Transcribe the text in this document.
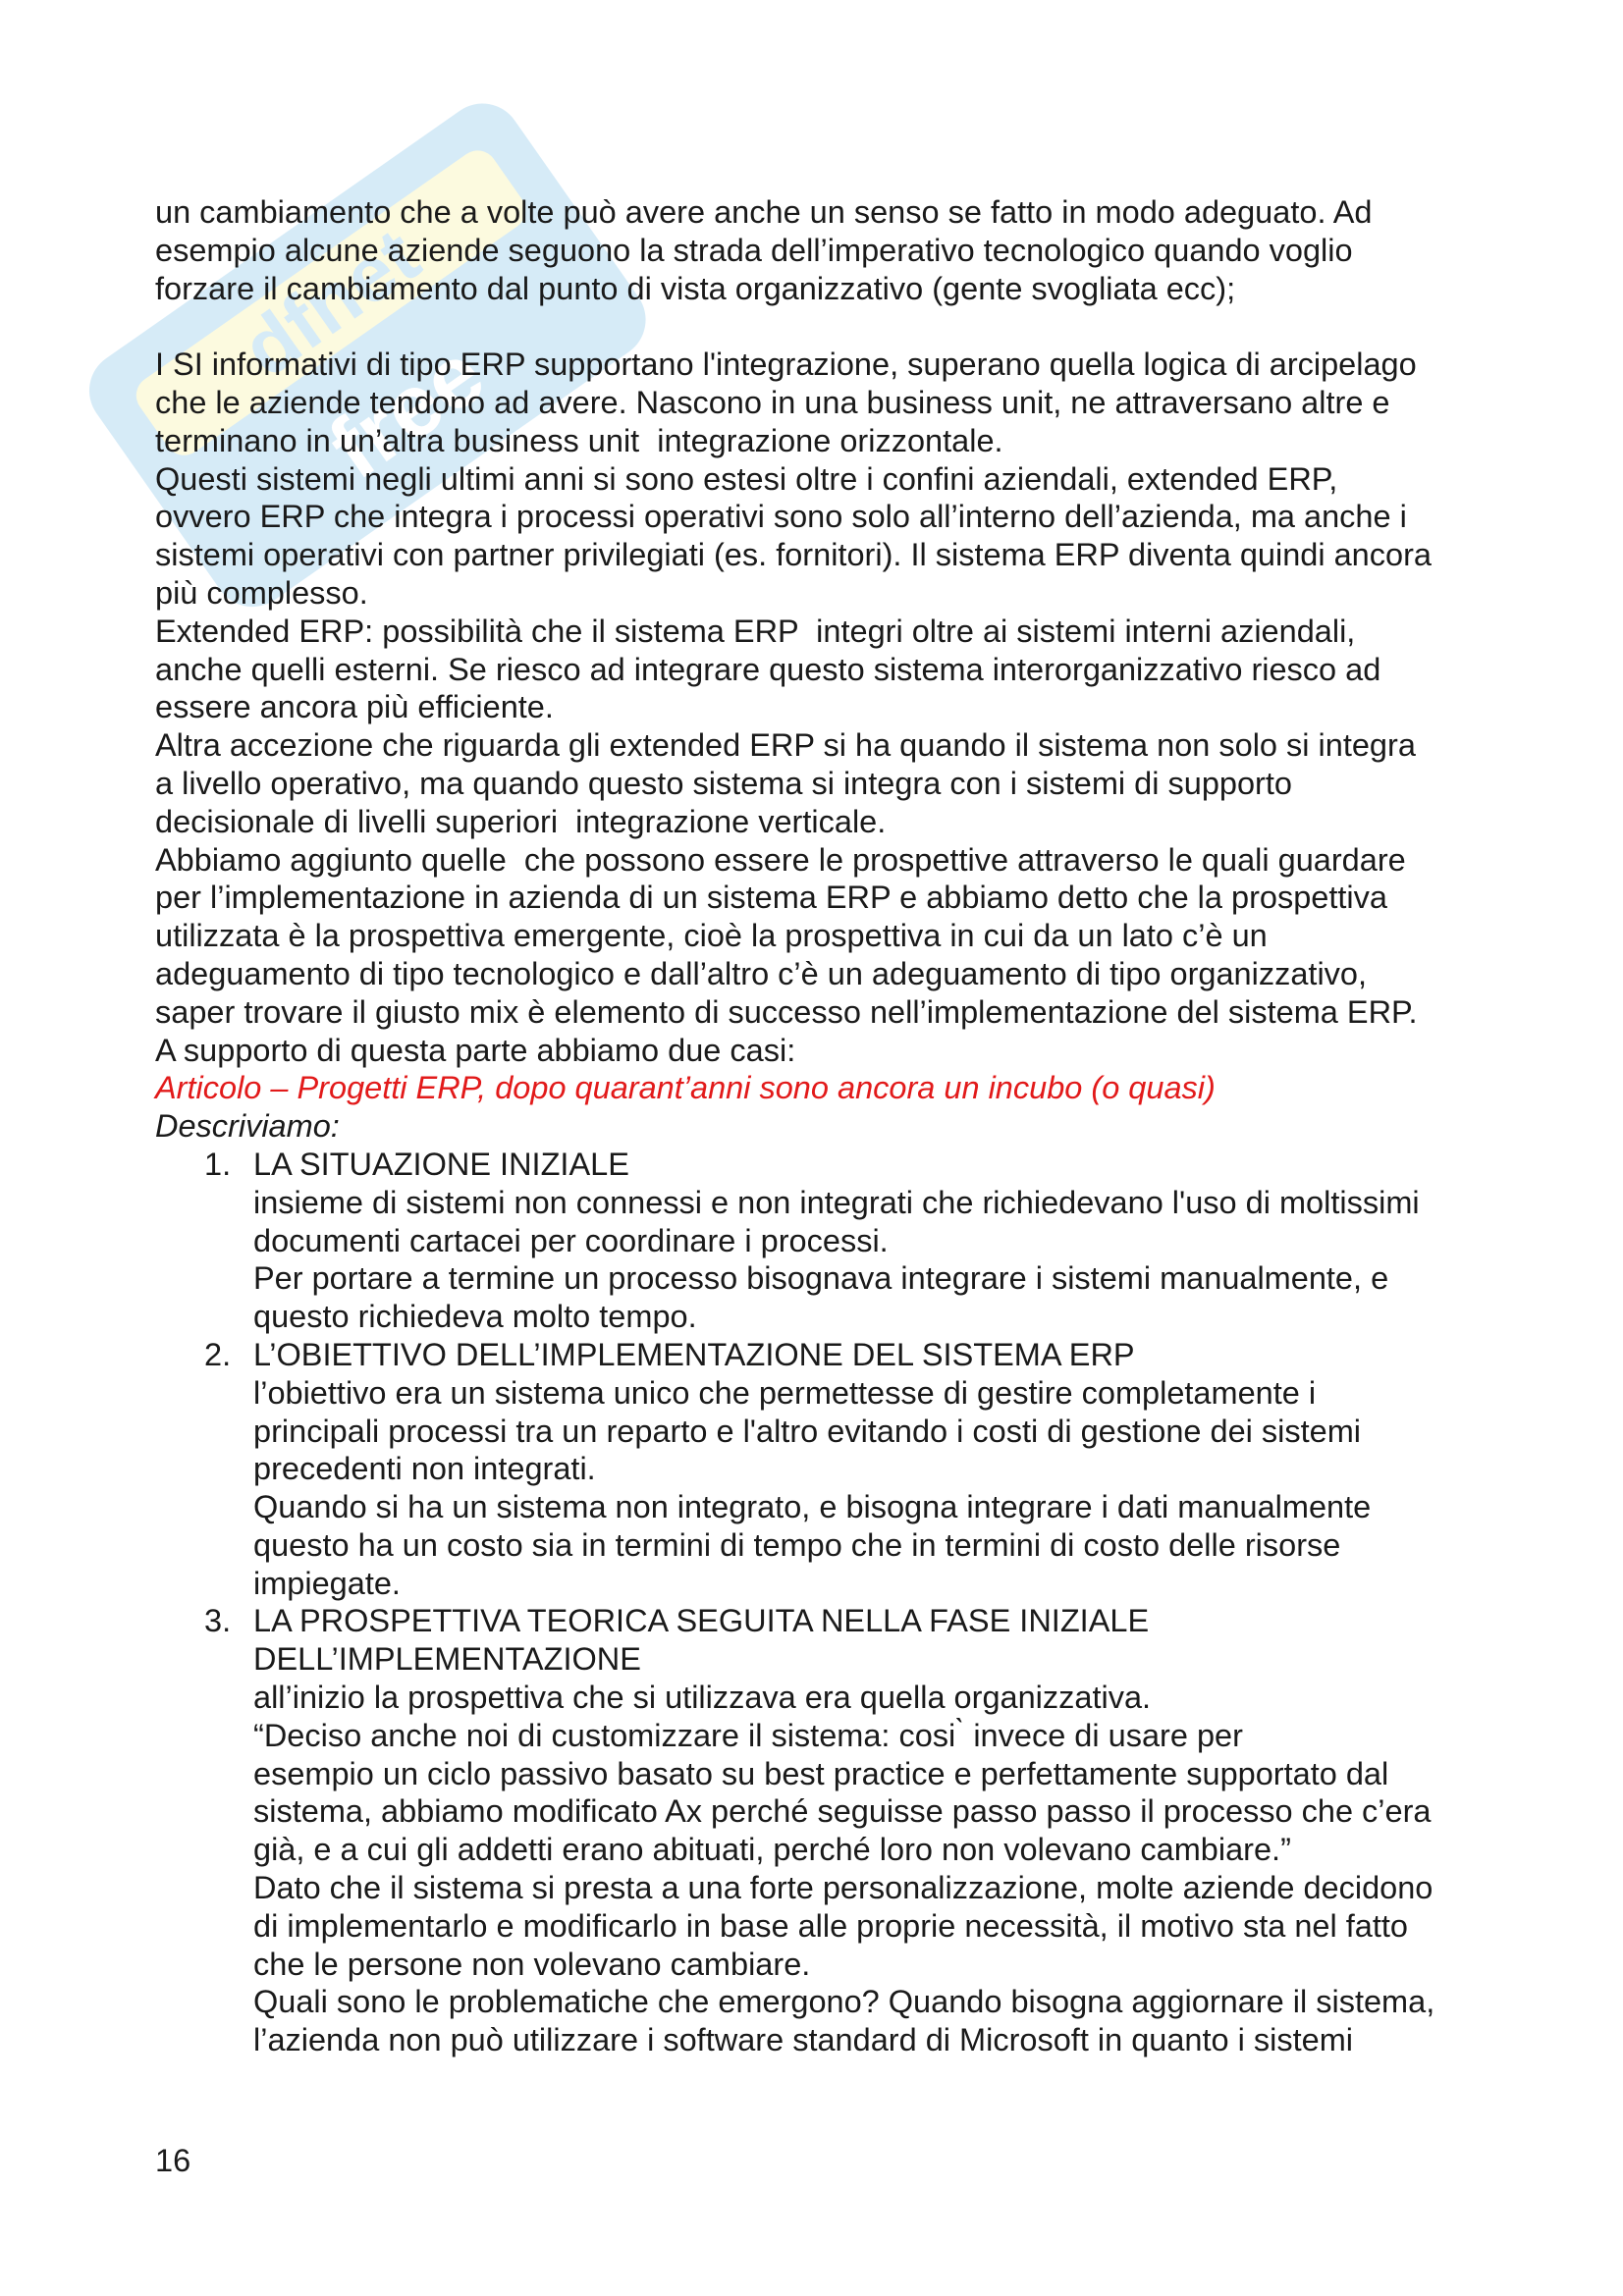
dfnet
free

un cambiamento che a volte può avere anche un senso se fatto in modo adeguato. Ad
esempio alcune aziende seguono la strada dell’imperativo tecnologico quando voglio
forzare il cambiamento dal punto di vista organizzativo (gente svogliata ecc);

I SI informativi di tipo ERP supportano l'integrazione, superano quella logica di arcipelago
che le aziende tendono ad avere. Nascono in una business unit, ne attraversano altre e
terminano in un’altra business unit  integrazione orizzontale.

Questi sistemi negli ultimi anni si sono estesi oltre i confini aziendali, extended ERP,
ovvero ERP che integra i processi operativi sono solo all’interno dell’azienda, ma anche i
sistemi operativi con partner privilegiati (es. fornitori). Il sistema ERP diventa quindi ancora
più complesso.

Extended ERP: possibilità che il sistema ERP  integri oltre ai sistemi interni aziendali,
anche quelli esterni. Se riesco ad integrare questo sistema interorganizzativo riesco ad
essere ancora più efficiente.

Altra accezione che riguarda gli extended ERP si ha quando il sistema non solo si integra
a livello operativo, ma quando questo sistema si integra con i sistemi di supporto
decisionale di livelli superiori  integrazione verticale.

Abbiamo aggiunto quelle  che possono essere le prospettive attraverso le quali guardare
per l’implementazione in azienda di un sistema ERP e abbiamo detto che la prospettiva
utilizzata è la prospettiva emergente, cioè la prospettiva in cui da un lato c’è un
adeguamento di tipo tecnologico e dall’altro c’è un adeguamento di tipo organizzativo,
saper trovare il giusto mix è elemento di successo nell’implementazione del sistema ERP.

A supporto di questa parte abbiamo due casi:

Articolo – Progetti ERP, dopo quarant’anni sono ancora un incubo (o quasi)

Descriviamo:

1. LA SITUAZIONE INIZIALE
insieme di sistemi non connessi e non integrati che richiedevano l'uso di moltissimi
documenti cartacei per coordinare i processi.
Per portare a termine un processo bisognava integrare i sistemi manualmente, e
questo richiedeva molto tempo.
2. L’OBIETTIVO DELL’IMPLEMENTAZIONE DEL SISTEMA ERP
l’obiettivo era un sistema unico che permettesse di gestire completamente i
principali processi tra un reparto e l'altro evitando i costi di gestione dei sistemi
precedenti non integrati.
Quando si ha un sistema non integrato, e bisogna integrare i dati manualmente
questo ha un costo sia in termini di tempo che in termini di costo delle risorse
impiegate.

3. LA PROSPETTIVA TEORICA SEGUITA NELLA FASE INIZIALE
DELL’IMPLEMENTAZIONE
all’inizio la prospettiva che si utilizzava era quella organizzativa.
“Deciso anche noi di customizzare il sistema: cosi ̀ invece di usare per
esempio un ciclo passivo basato su best practice e perfettamente supportato dal
sistema, abbiamo modificato Ax perché seguisse passo passo il processo che c’era
già, e a cui gli addetti erano abituati, perché loro non volevano cambiare.”
Dato che il sistema si presta a una forte personalizzazione, molte aziende decidono
di implementarlo e modificarlo in base alle proprie necessità, il motivo sta nel fatto
che le persone non volevano cambiare.
Quali sono le problematiche che emergono? Quando bisogna aggiornare il sistema,
l’azienda non può utilizzare i software standard di Microsoft in quanto i sistemi
16
